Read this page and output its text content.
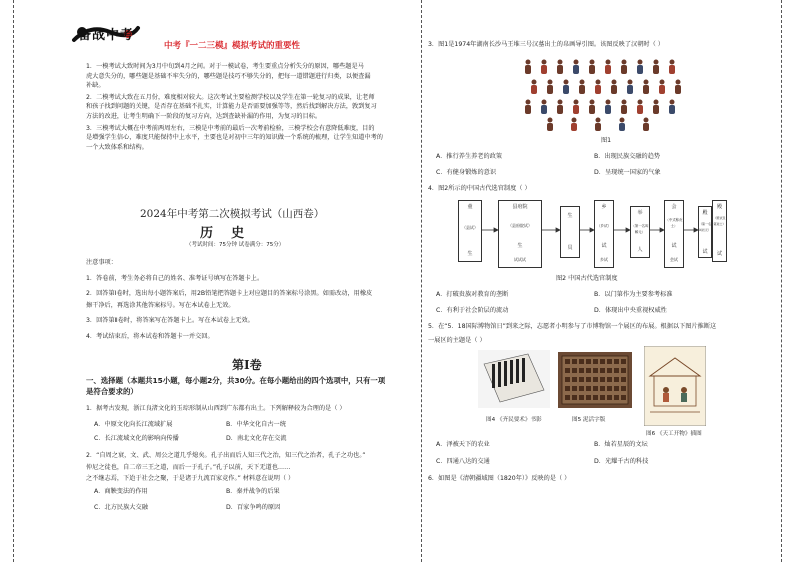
备战中考
中考『一二三模』模拟考试的重要性
1．一模考试大致时间为3月中旬到4月之间。对于一模试卷，考生要重点分析失分的原因，哪些题是马
虎大意失分的，哪些题是基础不牢失分的，哪些题是技巧不够失分的，把每一道错题进行归类，以便查漏
补缺。
2．二模考试大致在五月份，难度相对较大。这次考试主要检测学校以及学生在第一轮复习的成果，让老师
和孩子找到问题的关键，是否存在基础不扎实，计算能力是否需要加强等等，然后找到解决方法，敦到复习
方法的改进，让考生明确下一阶段的复习方向，达到查缺补漏的作用，为复习的目标。
3．三模考试大概在中考前两周左右，三模是中考前的最后一次考前检验，三模学校会有意降低难度，目的
是增强学生信心，难度只能保持中上水平，主要也是对初中三年的知识做一个系统的梳理，让学生知道中考的
一个大致体系和结构。
2024年中考第二次模拟考试（山西卷）
历    史
（考试时间：75分钟 试卷满分：75分）
注意事项：
1．答卷前，考生务必将自己的姓名、准考证号填写在答题卡上。
2．回答第Ⅰ卷时，选出每小题答案后，用2B铅笔把答题卡上对应题目的答案标号涂黑。如需改动，用橡皮
擦干净后，再选涂其他答案标号。写在本试卷上无效。
3．回答第Ⅱ卷时，将答案写在答题卡上。写在本试卷上无效。
4．考试结束后，将本试卷和答题卡一并交回。
第Ⅰ卷
一、选择题（本题共15小题，每小题2分，共30分。在每小题给出的四个选项中，只有一项
是符合要求的）
1．据考古发现，浙江良渚文化的玉琮形制从山西到广东都有出土。下列解释较为合理的是（ ）
A．中原文化向长江流域扩展	B．中华文化自古一统
C．长江流域文化的影响向传播	D．南北文化存在交流
2．“自周之衰，文、武、周公之道几乎熄矣。孔子出而后人知三代之治，知三代之治者，孔子之功也。”
仲尼之徒也，自二帝三王之道，而后一于孔子。”孔子以前，天下无道也……
之不继志焉，下迨于社会之聚，于是诸于九流百家竞作。” 材料意在说明（ ）
A．商鞅变法的作用	B．秦并战争的后果
C．北方民族大交融	D．百家争鸣的原因
3．图1是1974年湖南长沙马王堆三号汉墓出土的帛画导引图。该图反映了汉朝时（ ）
图1
A．推行养生养老的政策	B．出现民族交融的趋势
C．有健身锻炼的意识	D．呈现统一国家的气象
4．图2所示的中国古代选官制度（ ）
童
（县试）
生
县府院
（县府院试）
生
试试试
生
员
乡
（乡试）
试
乡试
举
（第一名叫解元）
人
会
（中式称贡士）
试
会试
殿
（第一名叫状元）
试
殿
（殿试及第进士）
试
图2 中国古代选官制度
A．打破贵族对教育的垄断	B．以门第作为主要参考标准
C．有利于社会阶层的流动	D．体现出中央重视权威性
5．在“5．18国际博物馆日”到来之际，志愿者小明参与了市博物馆一个展区的布展。根据以下图片推断这
一展区的主题是（ ）
图4 《齐民要术》书影	图5 泥活字版
图6 《天工开物》插图
A．泽被天下的农业	B．灿若星辰的文坛
C．四通八达的交通	D．光耀千古的科技
6．如图是《清朝疆域图（1820年）》反映的是（ ）
